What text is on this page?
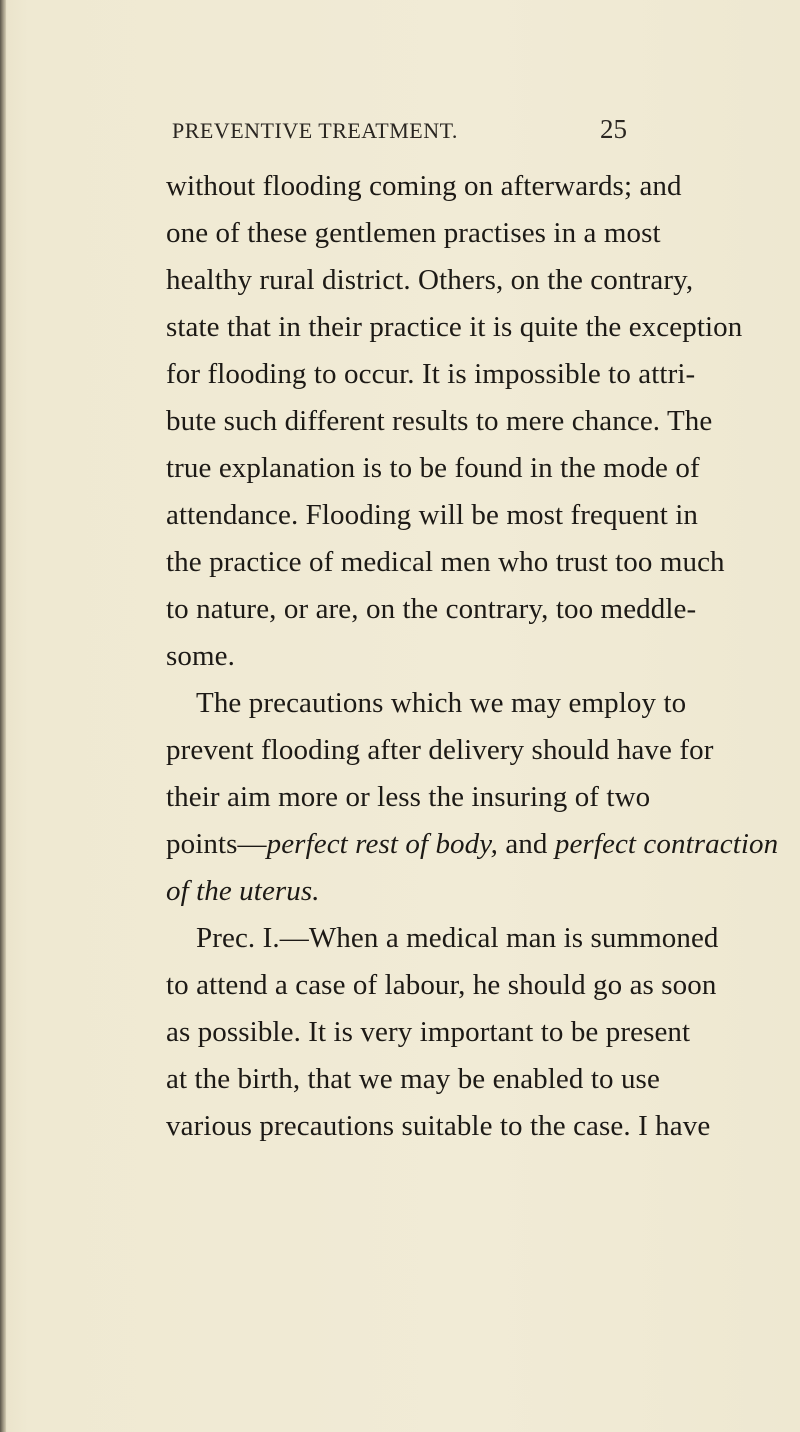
PREVENTIVE TREATMENT.	25
without flooding coming on afterwards; and
one of these gentlemen practises in a most
healthy rural district. Others, on the contrary,
state that in their practice it is quite the exception
for flooding to occur. It is impossible to attri-
bute such different results to mere chance. The
true explanation is to be found in the mode of
attendance. Flooding will be most frequent in
the practice of medical men who trust too much
to nature, or are, on the contrary, too meddle-
some.
The precautions which we may employ to
prevent flooding after delivery should have for
their aim more or less the insuring of two
points—perfect rest of body, and perfect contraction
of the uterus.
Prec. I.—When a medical man is summoned
to attend a case of labour, he should go as soon
as possible. It is very important to be present
at the birth, that we may be enabled to use
various precautions suitable to the case. I have
